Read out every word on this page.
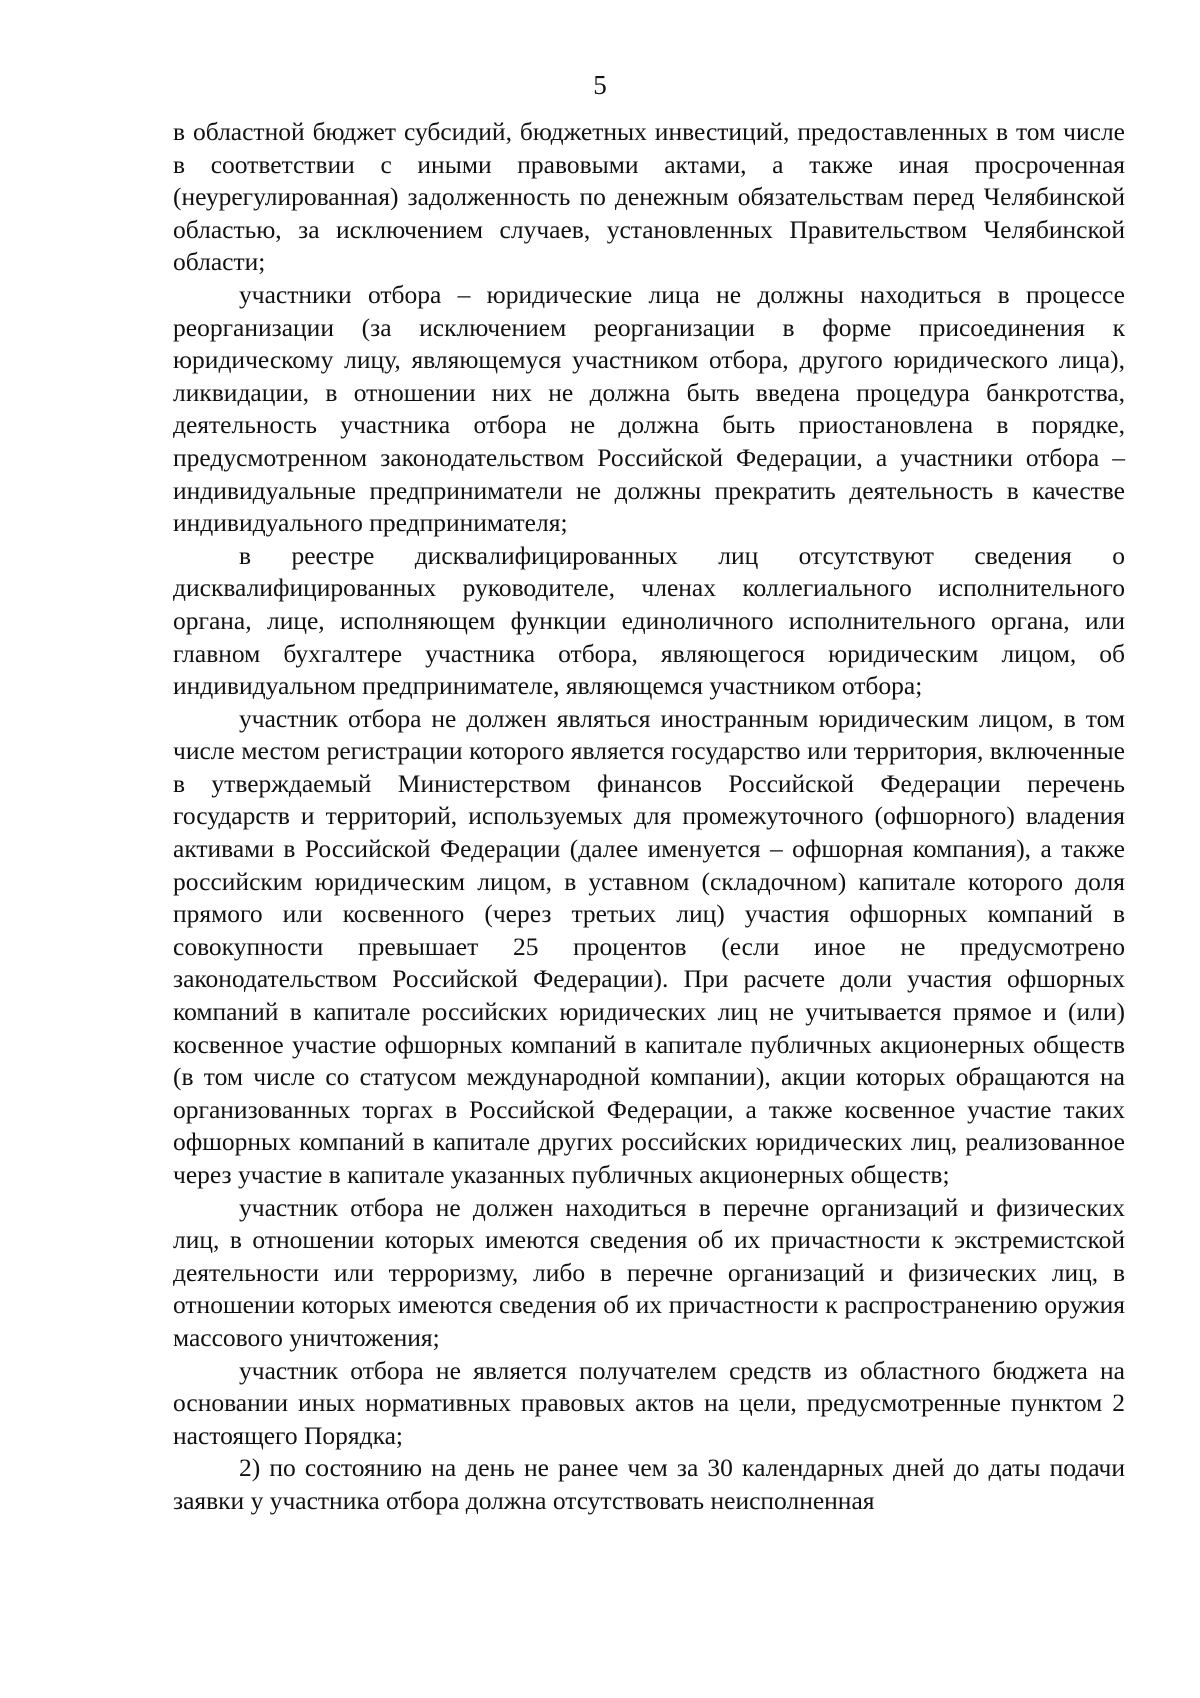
5

в областной бюджет субсидий, бюджетных инвестиций, предоставленных в том числе в соответствии с иными правовыми актами, а также иная просроченная (неурегулированная) задолженность по денежным обязательствам перед Челябинской областью, за исключением случаев, установленных Правительством Челябинской области;

участники отбора – юридические лица не должны находиться в процессе реорганизации (за исключением реорганизации в форме присоединения к юридическому лицу, являющемуся участником отбора, другого юридического лица), ликвидации, в отношении них не должна быть введена процедура банкротства, деятельность участника отбора не должна быть приостановлена в порядке, предусмотренном законодательством Российской Федерации, а участники отбора – индивидуальные предприниматели не должны прекратить деятельность в качестве индивидуального предпринимателя;

в реестре дисквалифицированных лиц отсутствуют сведения о дисквалифицированных руководителе, членах коллегиального исполнительного органа, лице, исполняющем функции единоличного исполнительного органа, или главном бухгалтере участника отбора, являющегося юридическим лицом, об индивидуальном предпринимателе, являющемся участником отбора;

участник отбора не должен являться иностранным юридическим лицом, в том числе местом регистрации которого является государство или территория, включенные в утверждаемый Министерством финансов Российской Федерации перечень государств и территорий, используемых для промежуточного (офшорного) владения активами в Российской Федерации (далее именуется – офшорная компания), а также российским юридическим лицом, в уставном (складочном) капитале которого доля прямого или косвенного (через третьих лиц) участия офшорных компаний в совокупности превышает 25 процентов (если иное не предусмотрено законодательством Российской Федерации). При расчете доли участия офшорных компаний в капитале российских юридических лиц не учитывается прямое и (или) косвенное участие офшорных компаний в капитале публичных акционерных обществ (в том числе со статусом международной компании), акции которых обращаются на организованных торгах в Российской Федерации, а также косвенное участие таких офшорных компаний в капитале других российских юридических лиц, реализованное через участие в капитале указанных публичных акционерных обществ;

участник отбора не должен находиться в перечне организаций и физических лиц, в отношении которых имеются сведения об их причастности к экстремистской деятельности или терроризму, либо в перечне организаций и физических лиц, в отношении которых имеются сведения об их причастности к распространению оружия массового уничтожения;

участник отбора не является получателем средств из областного бюджета на основании иных нормативных правовых актов на цели, предусмотренные пунктом 2 настоящего Порядка;

2) по состоянию на день не ранее чем за 30 календарных дней до даты подачи заявки у участника отбора должна отсутствовать неисполненная
